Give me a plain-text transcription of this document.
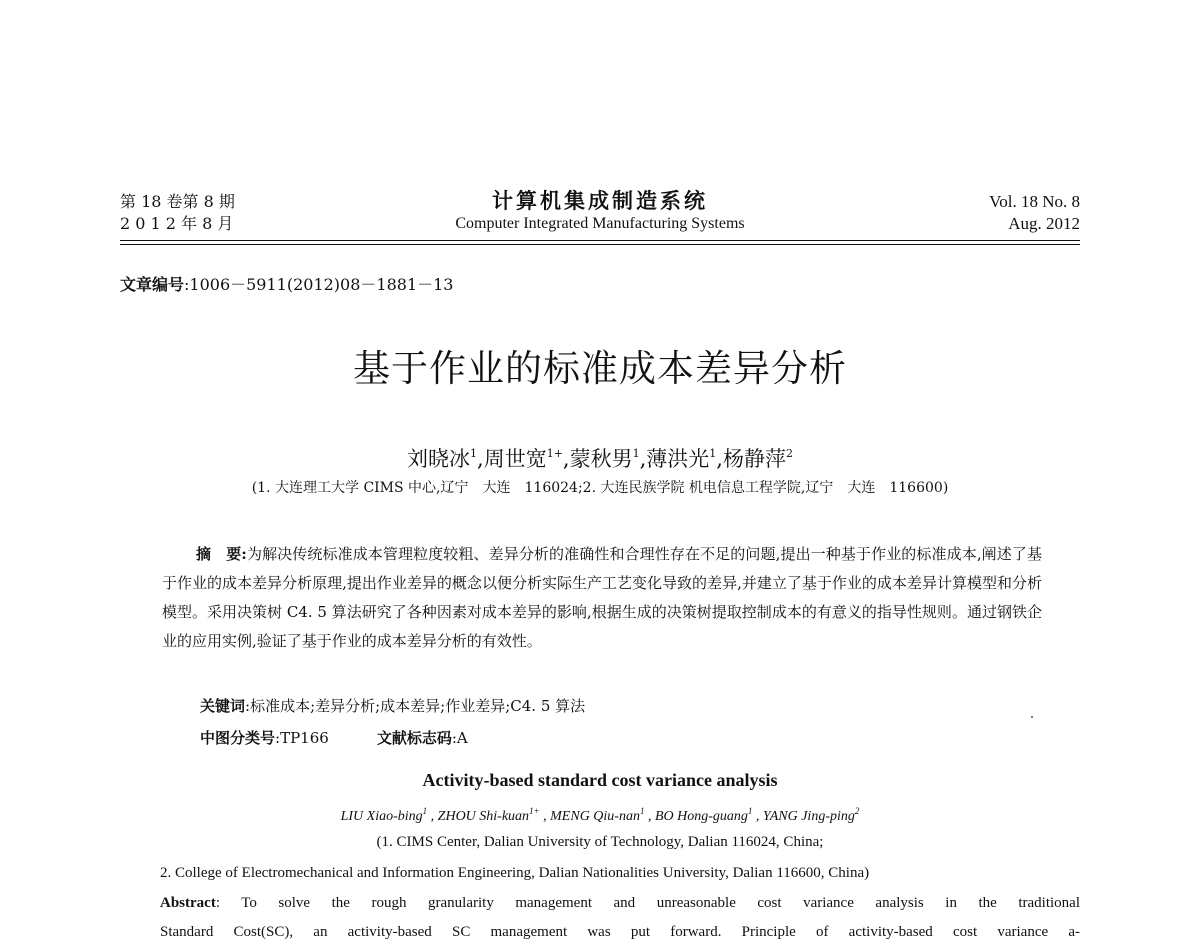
第 18 卷第 8 期
2 0 1 2 年 8 月
计算机集成制造系统
Computer Integrated Manufacturing Systems
Vol. 18 No. 8
Aug. 2012
文章编号:1006－5911(2012)08－1881－13
基于作业的标准成本差异分析
刘晓冰$^1$,周世宽$^{1+}$,蒙秋男$^1$,薄洪光$^1$,杨静萍$^2$
(1. 大连理工大学 CIMS 中心,辽宁　大连　116024;2. 大连民族学院 机电信息工程学院,辽宁　大连　116600)
摘　要:为解决传统标准成本管理粒度较粗、差异分析的准确性和合理性存在不足的问题,提出一种基于作业的标准成本,阐述了基于作业的成本差异分析原理,提出作业差异的概念以便分析实际生产工艺变化导致的差异,并建立了基于作业的成本差异计算模型和分析模型。采用决策树 C4. 5 算法研究了各种因素对成本差异的影响,根据生成的决策树提取控制成本的有意义的指导性规则。通过钢铁企业的应用实例,验证了基于作业的成本差异分析的有效性。
关键词:标准成本;差异分析;成本差异;作业差异;C4. 5 算法
中图分类号:TP166	文献标志码:A
Activity-based standard cost variance analysis
LIU Xiao-bing$^1$ , ZHOU Shi-kuan$^{1+}$ , MENG Qiu-nan$^1$ , BO Hong-guang$^1$ , YANG Jing-ping$^2$
(1. CIMS Center, Dalian University of Technology, Dalian 116024, China;
2. College of Electromechanical and Information Engineering, Dalian Nationalities University, Dalian 116600, China)
Abstract: To solve the rough granularity management and unreasonable cost variance analysis in the traditional
Standard Cost(SC), an activity-based SC management was put forward. Principle of activity-based cost variance a-
